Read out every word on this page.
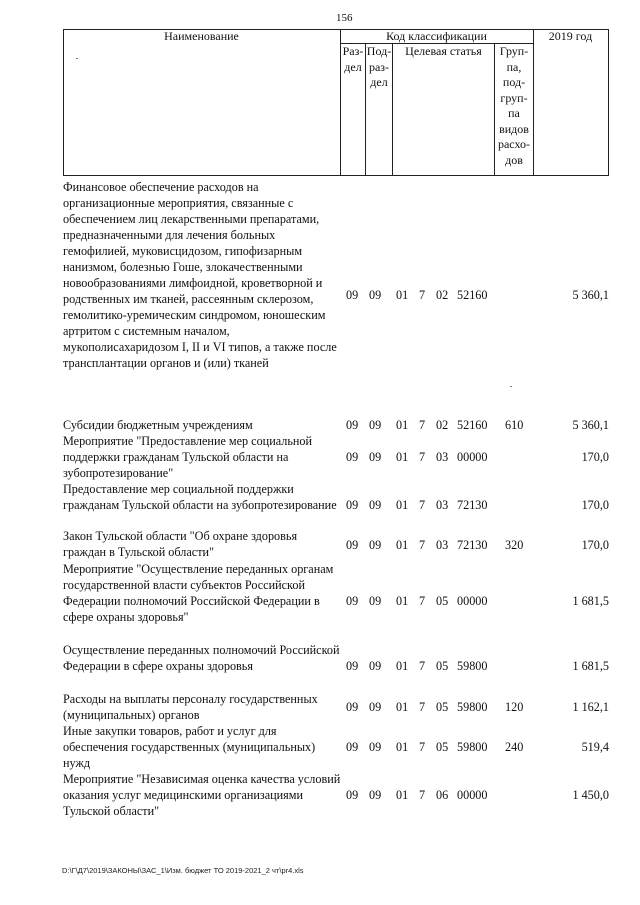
156
Наименование	Код классификации	2019 год
Раз-
дел
Под-
раз-
дел
Целевая статья	Груп-
па,
под-
груп-
па
видов
расхо-
дов
Финансовое обеспечение расходов на организационные мероприятия, связанные с обеспечением лиц лекарственными препаратами, предназначенными для лечения больных гемофилией, муковисцидозом, гипофизарным нанизмом, болезнью Гоше, злокачественными новообразованиями лимфоидной, кроветворной и родственных им тканей, рассеянным склерозом, гемолитико-уремическим синдромом, юношеским артритом с системным началом, мукополисахаридозом I, II и VI типов, а также после трансплантации органов и (или) тканей
09 09	01 7 02 52160	5 360,1
Субсидии бюджетным учреждениям	09 09	01 7 02 52160	610	5 360,1
Мероприятие "Предоставление мер социальной поддержки гражданам Тульской области на зубопротезирование"
09 09	01 7 03 00000	170,0
Предоставление мер социальной поддержки гражданам Тульской области на зубопротезирование 09 09	01 7 03 72130	170,0
Закон Тульской области "Об охране здоровья граждан в Тульской области"	09 09	01 7 03 72130	320	170,0
Мероприятие "Осуществление переданных органам государственной власти субъектов Российской Федерации полномочий Российской Федерации в сфере охраны здоровья"
09 09	01 7 05 00000	1 681,5
Осуществление переданных полномочий Российской Федерации в сфере охраны здоровья	09 09	01 7 05 59800	1 681,5
Расходы на выплаты персоналу государственных (муниципальных) органов
09 09	01 7 05 59800	120	1 162,1
Иные закупки товаров, работ и услуг для обеспечения государственных (муниципальных) нужд
09 09	01 7 05 59800	240	519,4
Мероприятие "Независимая оценка качества условий оказания услуг медицинскими организациями Тульской области"
09 09	01 7 06 00000	1 450,0
D:\Г\Д7\2019\ЗАКОНЫ\ЗАС_1\Изм. бюджет ТО 2019-2021_2 чт\pr4.xls
